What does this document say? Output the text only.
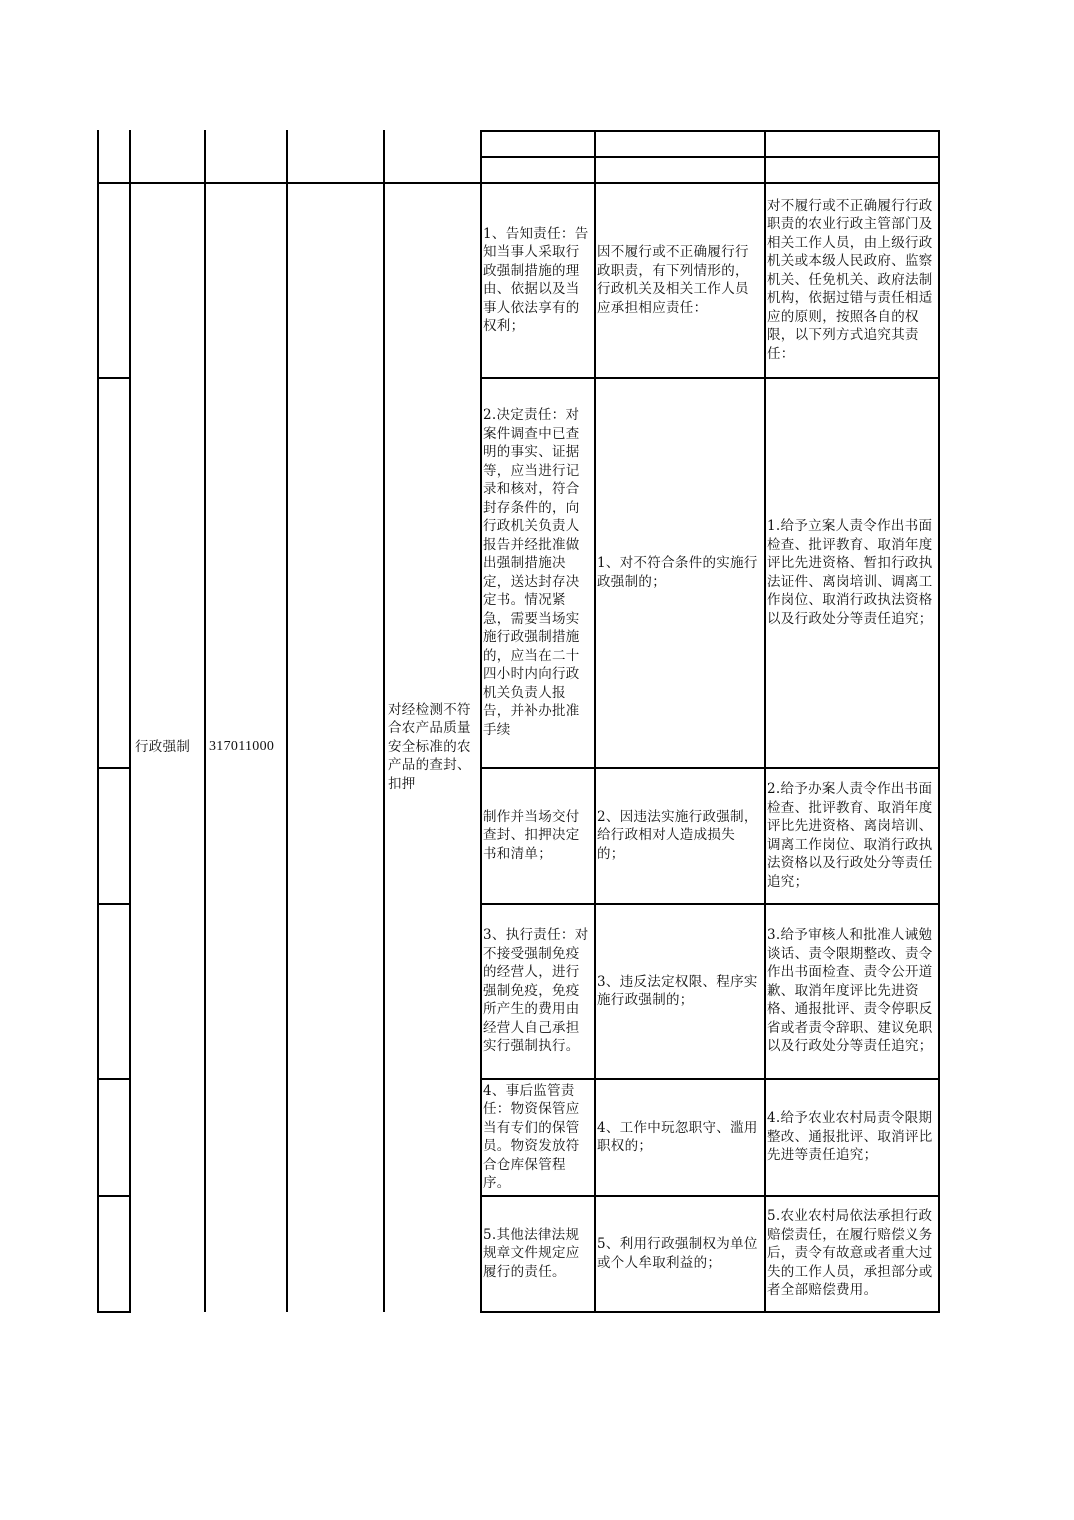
行政强制	317011000
对经检测不符合农产品质量安全标准的农产品的查封、扣押
1、告知责任：告知当事人采取行政强制措施的理由、依据以及当事人依法享有的权利；
因不履行或不正确履行行政职责，有下列情形的，行政机关及相关工作人员应承担相应责任：
对不履行或不正确履行行政职责的农业行政主管部门及相关工作人员，由上级行政机关或本级人民政府、监察机关、任免机关、政府法制机构，依据过错与责任相适应的原则，按照各自的权限，以下列方式追究其责任：
2.决定责任：对案件调查中已查明的事实、证据等，应当进行记录和核对，符合封存条件的，向行政机关负责人报告并经批准做出强制措施决定，送达封存决定书。情况紧急，需要当场实施行政强制措施的，应当在二十四小时内向行政机关负责人报告，并补办批准手续
1、对不符合条件的实施行政强制的；
1.给予立案人责令作出书面检查、批评教育、取消年度评比先进资格、暂扣行政执法证件、离岗培训、调离工作岗位、取消行政执法资格以及行政处分等责任追究；
制作并当场交付查封、扣押决定书和清单；
2、因违法实施行政强制，给行政相对人造成损失的；
2.给予办案人责令作出书面检查、批评教育、取消年度评比先进资格、离岗培训、调离工作岗位、取消行政执法资格以及行政处分等责任追究；
3、执行责任：对不接受强制免疫的经营人，进行强制免疫，免疫所产生的费用由经营人自己承担实行强制执行。
3、违反法定权限、程序实施行政强制的；
3.给予审核人和批准人诫勉谈话、责令限期整改、责令作出书面检查、责令公开道歉、取消年度评比先进资格、通报批评、责令停职反省或者责令辞职、建议免职以及行政处分等责任追究；
4、事后监管责任：物资保管应当有专们的保管员。物资发放符合仓库保管程序。
4、工作中玩忽职守、滥用职权的；
4.给予农业农村局责令限期整改、通报批评、取消评比先进等责任追究；
5.其他法律法规规章文件规定应履行的责任。
5、利用行政强制权为单位或个人牟取利益的；
5.农业农村局依法承担行政赔偿责任，在履行赔偿义务后，责令有故意或者重大过失的工作人员，承担部分或者全部赔偿费用。
